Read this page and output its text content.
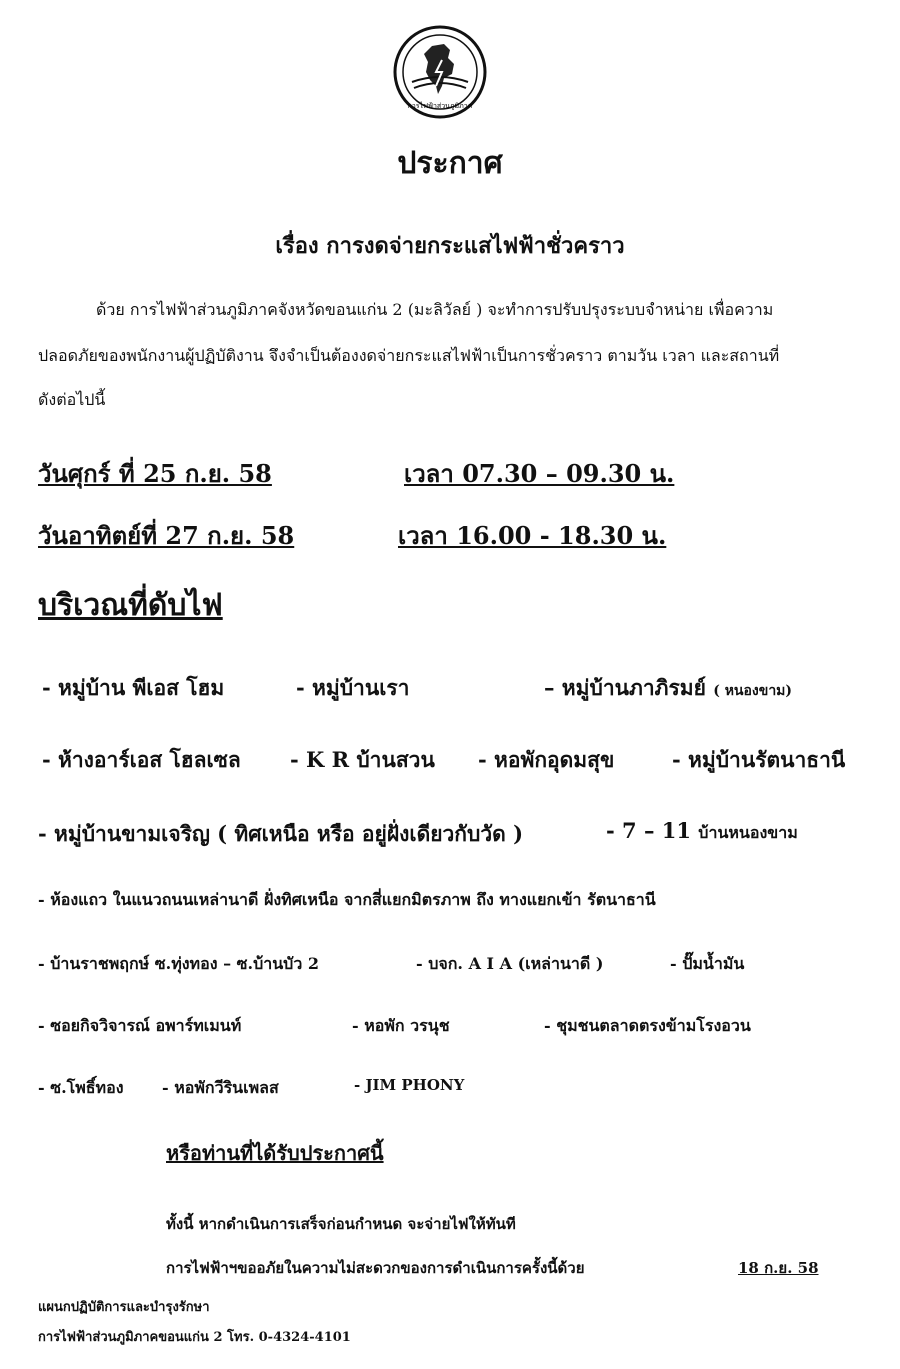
การไฟฟ้าส่วนภูมิภาค
ประกาศ
เรื่อง การงดจ่ายกระแสไฟฟ้าชั่วคราว
ด้วย การไฟฟ้าส่วนภูมิภาคจังหวัดขอนแก่น 2 (มะลิวัลย์ ) จะทำการปรับปรุงระบบจำหน่าย เพื่อความ
ปลอดภัยของพนักงานผู้ปฏิบัติงาน จึงจำเป็นต้องงดจ่ายกระแสไฟฟ้าเป็นการชั่วคราว ตามวัน เวลา และสถานที่
ดังต่อไปนี้
วันศุกร์ ที่ 25 ก.ย. 58	เวลา 07.30 – 09.30 น.
วันอาทิตย์ที่ 27 ก.ย. 58	เวลา 16.00 - 18.30 น.
บริเวณที่ดับไฟ
- หมู่บ้าน พีเอส โฮม	- หมู่บ้านเรา	– หมู่บ้านภาภิรมย์ ( หนองขาม)
- ห้างอาร์เอส โฮลเซล - K R บ้านสวน - หอพักอุดมสุข	- หมู่บ้านรัตนาธานี
- หมู่บ้านขามเจริญ ( ทิศเหนือ หรือ อยู่ฝั่งเดียวกับวัด )	- 7 – 11 บ้านหนองขาม
- ห้องแถว ในแนวถนนเหล่านาดี ฝั่งทิศเหนือ จากสี่แยกมิตรภาพ ถึง ทางแยกเข้า รัตนาธานี
- บ้านราชพฤกษ์ ซ.ทุ่งทอง – ซ.บ้านบัว 2	- บจก. A I A (เหล่านาดี )	- ปั๊มน้ำมัน
- ซอยกิจวิจารณ์ อพาร์ทเมนท์	- หอพัก วรนุช	- ชุมชนตลาดตรงข้ามโรงอวน
- ซ.โพธิ์ทอง - หอพักวีรินเพลส	- JIM PHONY
หรือท่านที่ได้รับประกาศนี้
ทั้งนี้ หากดำเนินการเสร็จก่อนกำหนด จะจ่ายไฟให้ทันที
การไฟฟ้าฯขออภัยในความไม่สะดวกของการดำเนินการครั้งนี้ด้วย	18 ก.ย. 58
แผนกปฏิบัติการและบำรุงรักษา
การไฟฟ้าส่วนภูมิภาคขอนแก่น 2 โทร. 0-4324-4101
